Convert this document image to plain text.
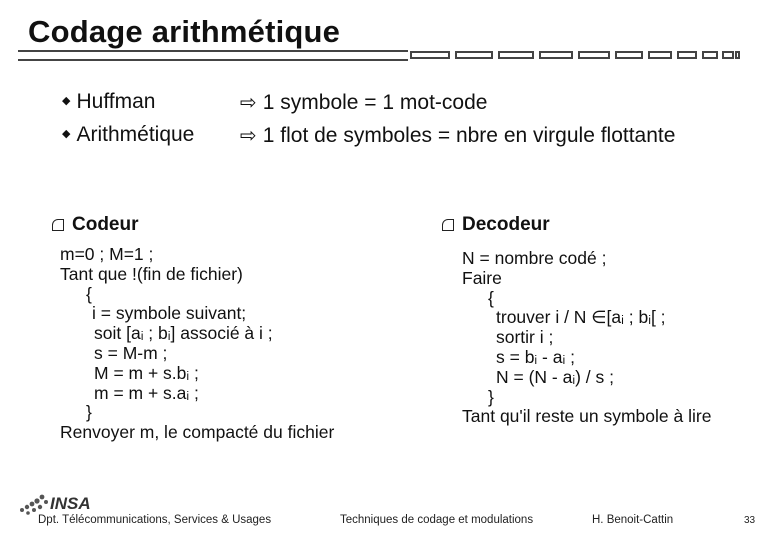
Codage arithmétique
◆ Huffman	⇨ 1 symbole = 1 mot-code
◆ Arithmétique ⇨ 1 flot de symboles = nbre en virgule flottante
Codeur
m=0 ; M=1 ;
Tant que !(fin de fichier)
{
i = symbole suivant;
soit [aᵢ ; bᵢ] associé à i ;
s = M-m ;
M = m + s.bᵢ ;
m = m + s.aᵢ ;
}
Renvoyer m, le compacté du fichier
Decodeur
N = nombre codé ;
Faire
{
trouver i / N ∈[aᵢ ; bᵢ[ ;
sortir i ;
s = bᵢ - aᵢ ;
N = (N - aᵢ) / s ;
}
Tant qu'il reste un symbole à lire
INSA
Dpt. Télécommunications, Services & Usages	Techniques de codage et modulations	H. Benoit-Cattin	33
